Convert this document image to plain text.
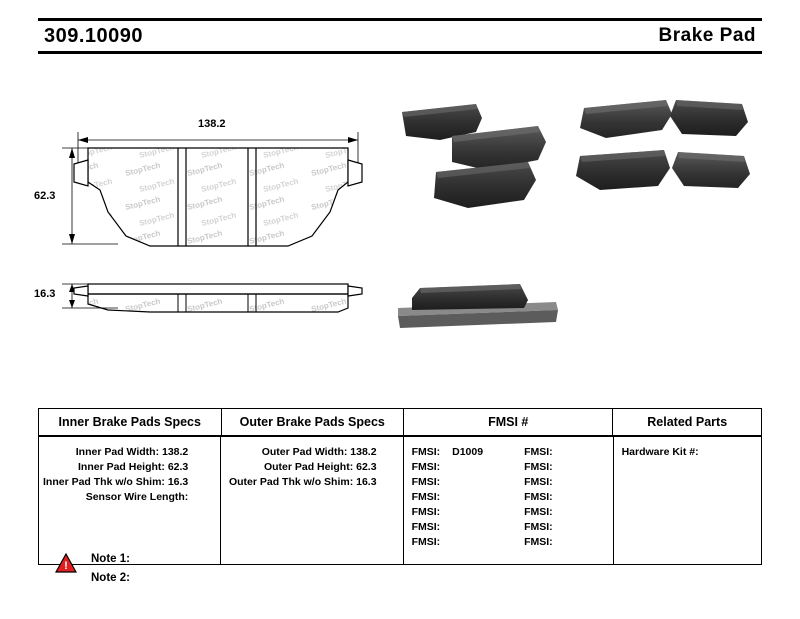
309.10090	Brake Pad
138.2
62.3
16.3
Inner Brake Pads Specs	Outer Brake Pads Specs	FMSI #	Related Parts
Inner Pad Width: 138.2
Inner Pad Height: 62.3
Inner Pad Thk w/o Shim: 16.3
Sensor Wire Length:
Outer Pad Width: 138.2
Outer Pad Height: 62.3
Outer Pad Thk w/o Shim: 16.3
FMSI:	D1009	FMSI:
FMSI:	FMSI:
FMSI:	FMSI:
FMSI:	FMSI:
FMSI:	FMSI:
FMSI:	FMSI:
FMSI:	FMSI:
Hardware Kit #:
!
Note 1:
Note 2:
